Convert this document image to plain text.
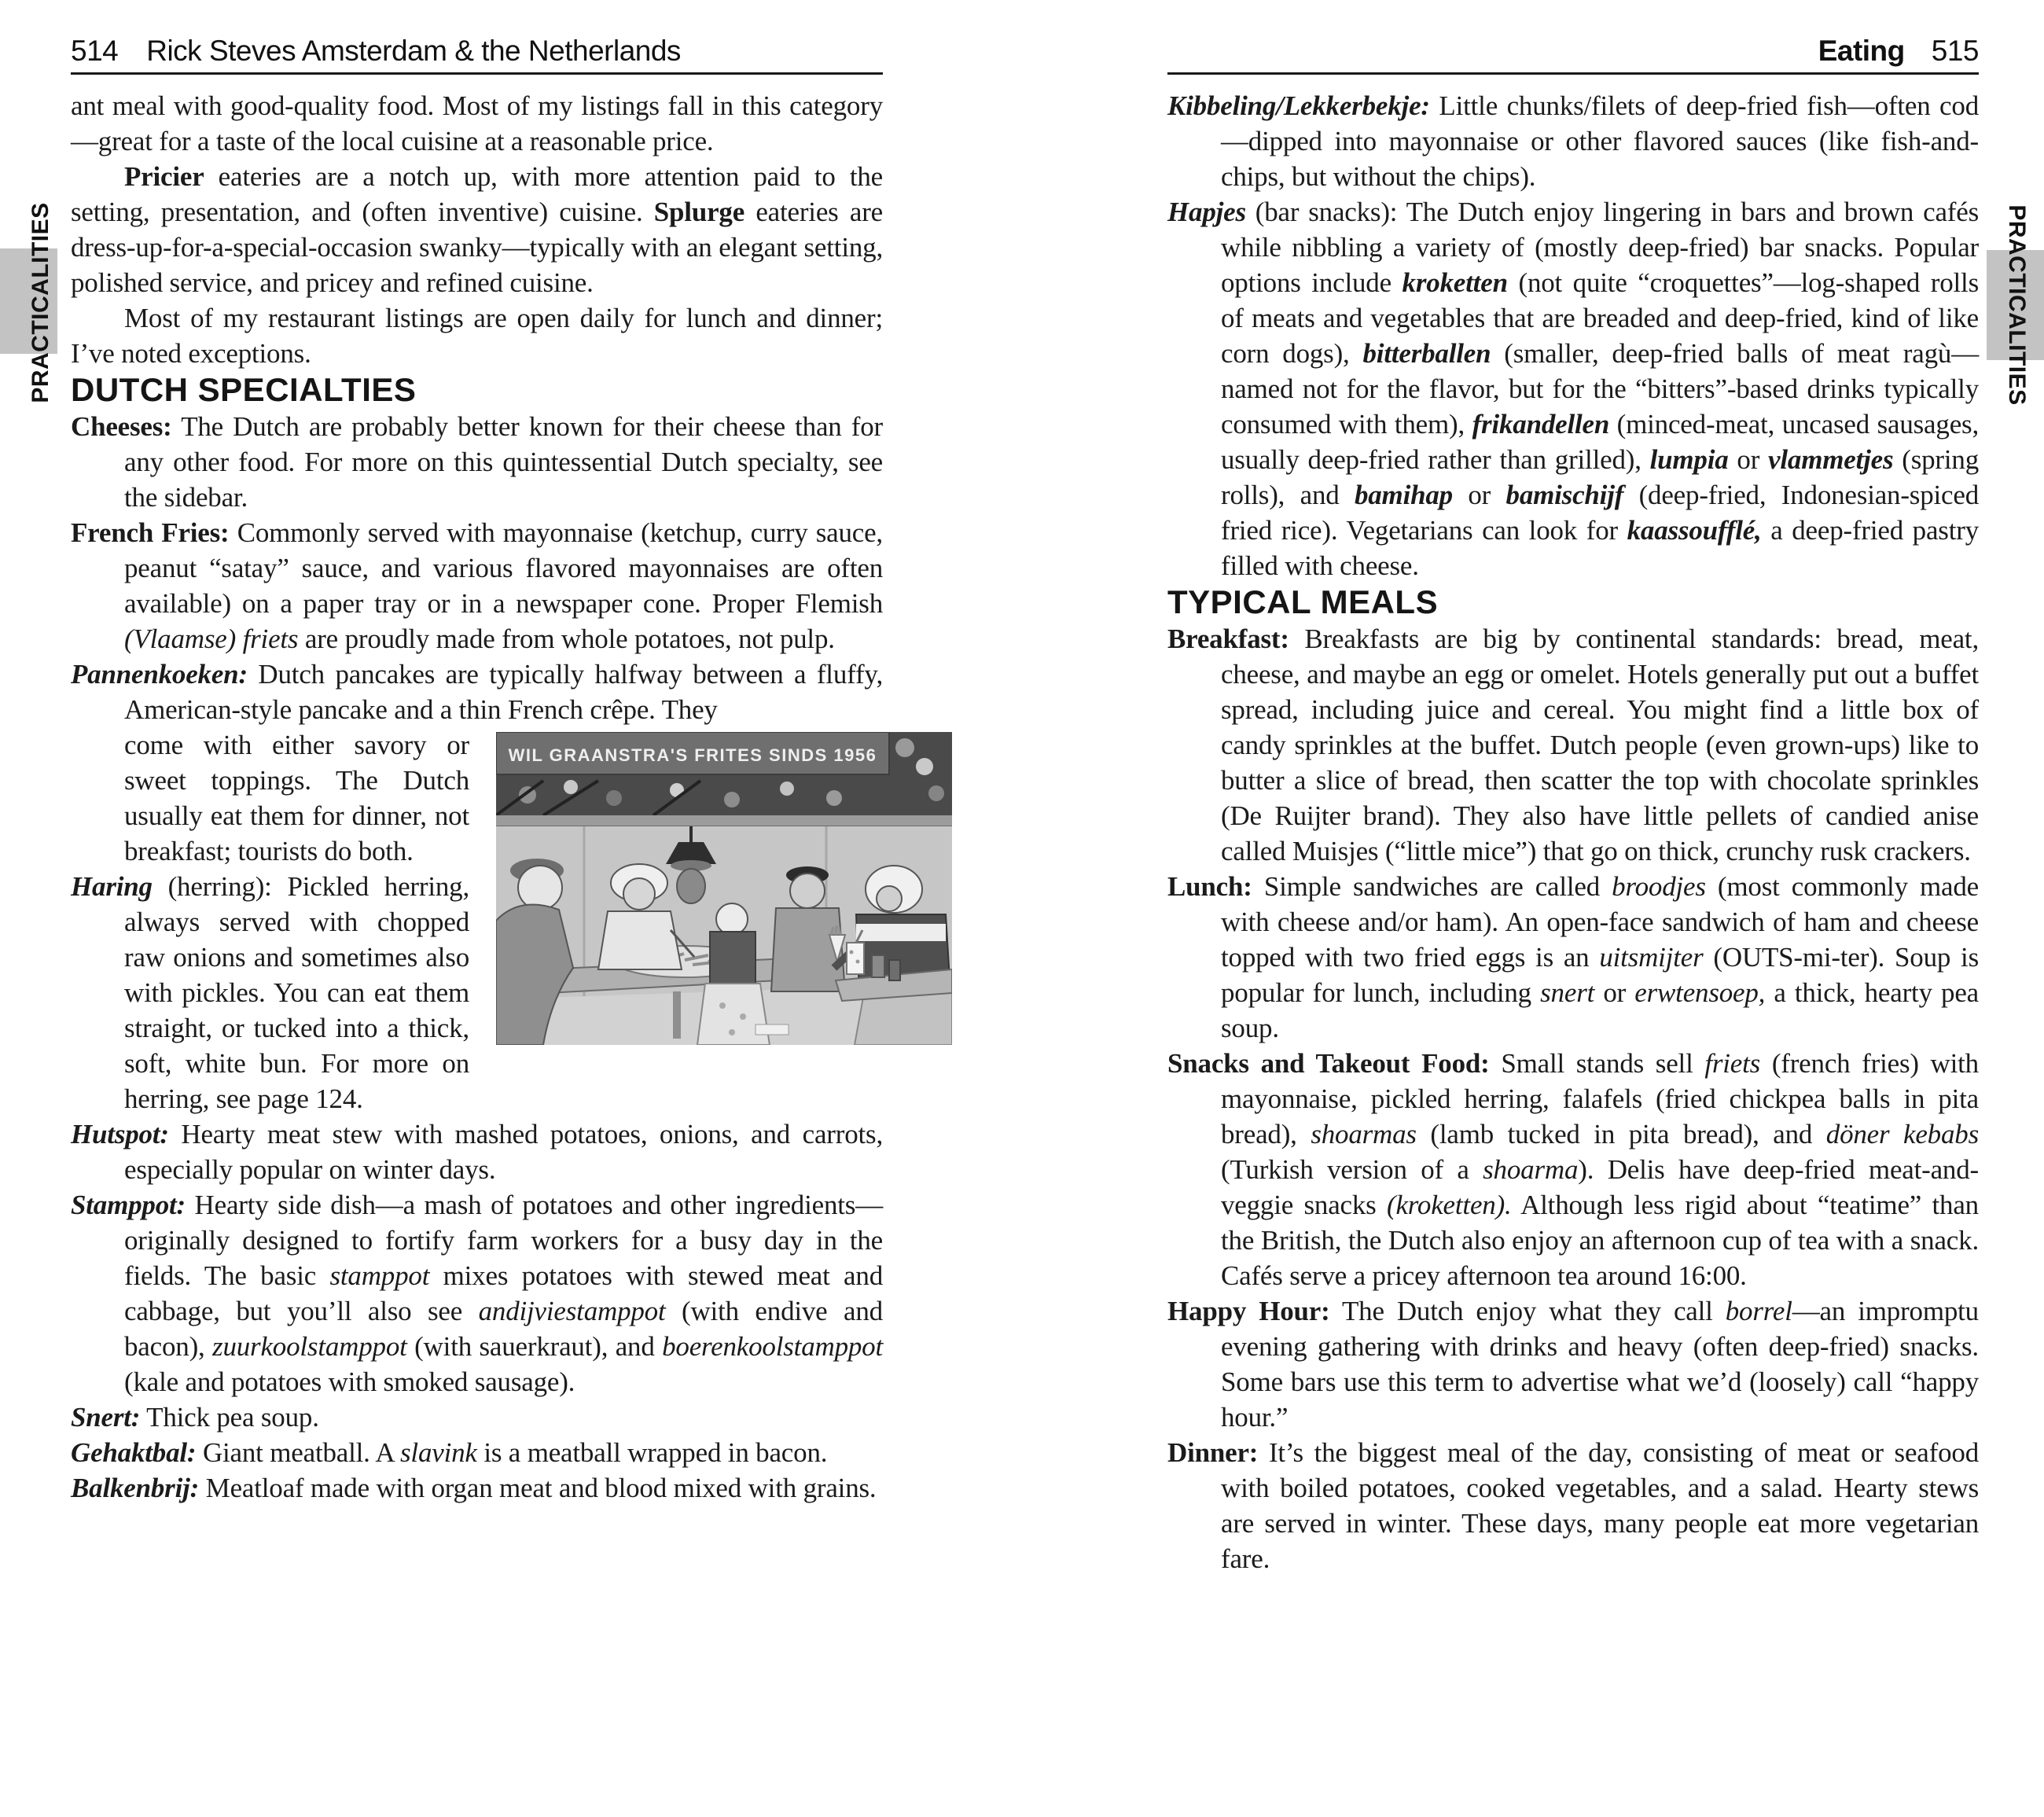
514 Rick Steves Amsterdam & the Netherlands	Eating 515
PRACTICALITIES	PRACTICALITIES

ant meal with good-quality food. Most of my listings fall in this category—great for a taste of the local cuisine at a reasonable price.

Pricier eateries are a notch up, with more attention paid to the setting, presentation, and (often inventive) cuisine. Splurge eateries are dress-up-for-a-special-occasion swanky—typically with an elegant setting, polished service, and pricey and refined cuisine.

Most of my restaurant listings are open daily for lunch and dinner; I’ve noted exceptions.

DUTCH SPECIALTIES

Cheeses: The Dutch are probably better known for their cheese than for any other food. For more on this quintessential Dutch specialty, see the sidebar.

French Fries: Commonly served with mayonnaise (ketchup, curry sauce, peanut “satay” sauce, and various flavored mayonnaises are often available) on a paper tray or in a newspaper cone. Proper Flemish (Vlaamse) friets are proudly made from whole potatoes, not pulp.

Pannenkoeken: Dutch pancakes are typically halfway between a fluffy, American-style pancake and a thin French crêpe. They

WIL GRAANSTRA'S FRITES SINDS 1956

come with either savory or sweet toppings. The Dutch usually eat them for dinner, not breakfast; tourists do both.

Haring (herring): Pickled herring, always served with chopped raw onions and sometimes also with pickles. You can eat them straight, or tucked into a thick, soft, white bun. For more on herring, see page 124.

Hutspot: Hearty meat stew with mashed potatoes, onions, and carrots, especially popular on winter days.

Stamppot: Hearty side dish—a mash of potatoes and other ingredients—originally designed to fortify farm workers for a busy day in the fields. The basic stamppot mixes potatoes with stewed meat and cabbage, but you’ll also see andijviestamppot (with endive and bacon), zuurkoolstamppot (with sauerkraut), and boerenkoolstamppot (kale and potatoes with smoked sausage).

Snert: Thick pea soup.

Gehaktbal: Giant meatball. A slavink is a meatball wrapped in bacon.

Balkenbrij: Meatloaf made with organ meat and blood mixed with grains.

Kibbeling/Lekkerbekje: Little chunks/filets of deep-fried fish—often cod—dipped into mayonnaise or other flavored sauces (like fish-and-chips, but without the chips).

Hapjes (bar snacks): The Dutch enjoy lingering in bars and brown cafés while nibbling a variety of (mostly deep-fried) bar snacks. Popular options include kroketten (not quite “croquettes”—log-shaped rolls of meats and vegetables that are breaded and deep-fried, kind of like corn dogs), bitterballen (smaller, deep-fried balls of meat ragù—named not for the flavor, but for the “bitters”-based drinks typically consumed with them), frikandellen (minced-meat, uncased sausages, usually deep-fried rather than grilled), lumpia or vlammetjes (spring rolls), and bamihap or bamischijf (deep-fried, Indonesian-spiced fried rice). Vegetarians can look for kaassoufflé, a deep-fried pastry filled with cheese.

TYPICAL MEALS

Breakfast: Breakfasts are big by continental standards: bread, meat, cheese, and maybe an egg or omelet. Hotels generally put out a buffet spread, including juice and cereal. You might find a little box of candy sprinkles at the buffet. Dutch people (even grown-ups) like to butter a slice of bread, then scatter the top with chocolate sprinkles (De Ruijter brand). They also have little pellets of candied anise called Muisjes (“little mice”) that go on thick, crunchy rusk crackers.

Lunch: Simple sandwiches are called broodjes (most commonly made with cheese and/or ham). An open-face sandwich of ham and cheese topped with two fried eggs is an uitsmijter (OUTS-mi-ter). Soup is popular for lunch, including snert or erwtensoep, a thick, hearty pea soup.

Snacks and Takeout Food: Small stands sell friets (french fries) with mayonnaise, pickled herring, falafels (fried chickpea balls in pita bread), shoarmas (lamb tucked in pita bread), and döner kebabs (Turkish version of a shoarma). Delis have deep-fried meat-and-veggie snacks (kroketten). Although less rigid about “teatime” than the British, the Dutch also enjoy an afternoon cup of tea with a snack. Cafés serve a pricey afternoon tea around 16:00.

Happy Hour: The Dutch enjoy what they call borrel—an impromptu evening gathering with drinks and heavy (often deep-fried) snacks. Some bars use this term to advertise what we’d (loosely) call “happy hour.”

Dinner: It’s the biggest meal of the day, consisting of meat or seafood with boiled potatoes, cooked vegetables, and a salad. Hearty stews are served in winter. These days, many people eat more vegetarian fare.
